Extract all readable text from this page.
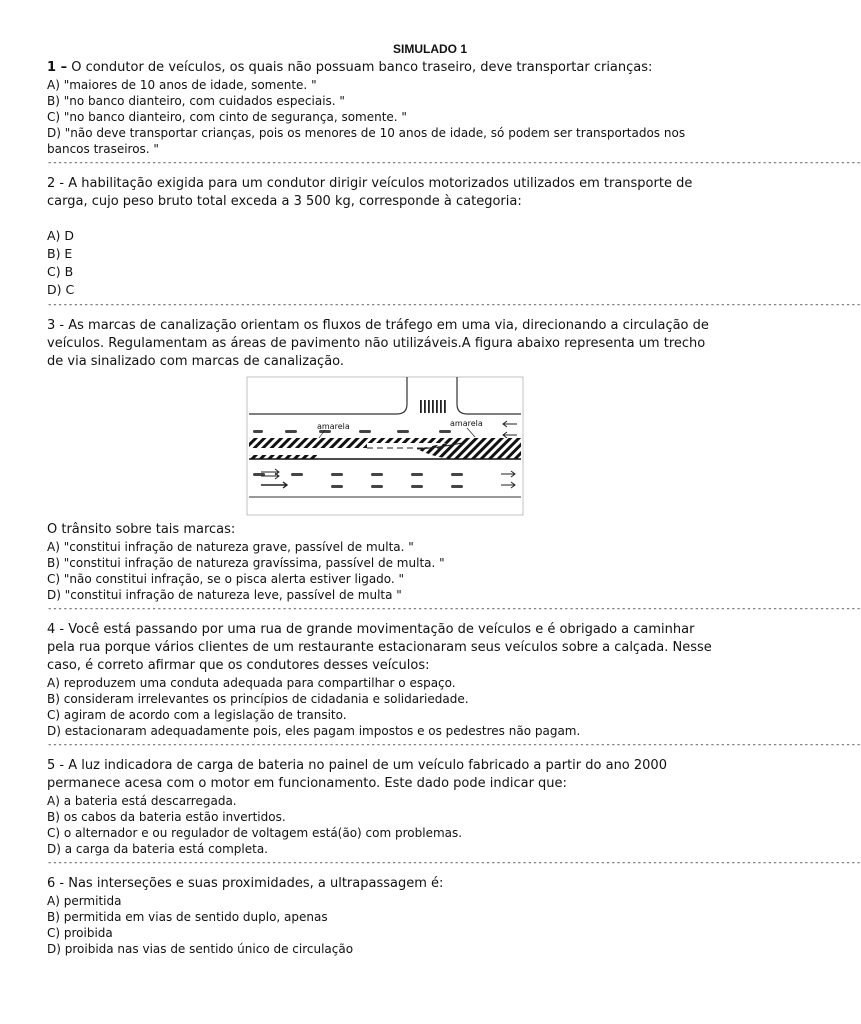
SIMULADO 1

1 – O condutor de veículos, os quais não possuam banco traseiro, deve transportar crianças:

A) "maiores de 10 anos de idade, somente. "

B) "no banco dianteiro, com cuidados especiais. "

C) "no banco dianteiro, com cinto de segurança, somente. "

D) "não deve transportar crianças, pois os menores de 10 anos de idade, só podem ser transportados nos bancos traseiros. "

------------------------------------------------------------------------------------------------------------------------------------------------------------

2 - A habilitação exigida para um condutor dirigir veículos motorizados utilizados em transporte de carga, cujo peso bruto total exceda a 3 500 kg, corresponde à categoria:

A) D

B) E

C) B

D) C

------------------------------------------------------------------------------------------------------------------------------------------------------------

3 - As marcas de canalização orientam os fluxos de tráfego em uma via, direcionando a circulação de veículos. Regulamentam as áreas de pavimento não utilizáveis.A figura abaixo representa um trecho de via sinalizado com marcas de canalização.

amarela	amarela

O trânsito sobre tais marcas:

A) "constitui infração de natureza grave, passível de multa. "

B) "constitui infração de natureza gravíssima, passível de multa. "

C) "não constitui infração, se o pisca alerta estiver ligado. "

D) "constitui infração de natureza leve, passível de multa "

------------------------------------------------------------------------------------------------------------------------------------------------------------

4 - Você está passando por uma rua de grande movimentação de veículos e é obrigado a caminhar pela rua porque vários clientes de um restaurante estacionaram seus veículos sobre a calçada. Nesse caso, é correto afirmar que os condutores desses veículos:

A) reproduzem uma conduta adequada para compartilhar o espaço.

B) consideram irrelevantes os princípios de cidadania e solidariedade.

C) agiram de acordo com a legislação de transito.

D) estacionaram adequadamente pois, eles pagam impostos e os pedestres não pagam.

------------------------------------------------------------------------------------------------------------------------------------------------------------

5 - A luz indicadora de carga de bateria no painel de um veículo fabricado a partir do ano 2000 permanece acesa com o motor em funcionamento. Este dado pode indicar que:

A) a bateria está descarregada.

B) os cabos da bateria estão invertidos.

C) o alternador e ou regulador de voltagem está(ão) com problemas.

D) a carga da bateria está completa.

------------------------------------------------------------------------------------------------------------------------------------------------------------

6 - Nas interseções e suas proximidades, a ultrapassagem é:

A) permitida

B) permitida em vias de sentido duplo, apenas

C) proibida

D) proibida nas vias de sentido único de circulação
